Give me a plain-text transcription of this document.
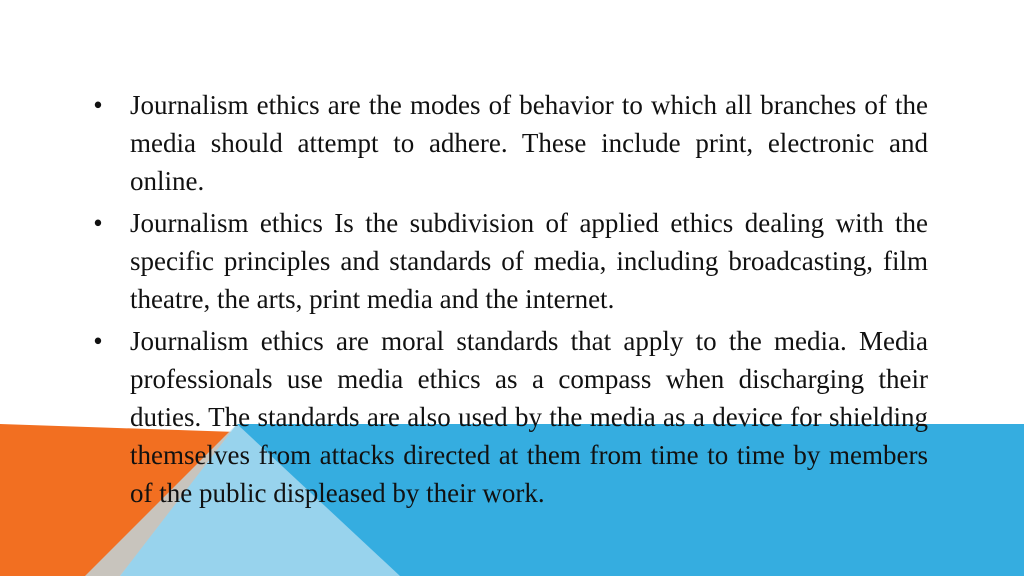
• Journalism ethics are the modes of behavior to which all branches of the media should attempt to adhere. These include print, electronic and online.
• Journalism ethics Is the subdivision of applied ethics dealing with the specific principles and standards of media, including broadcasting, film theatre, the arts, print media and the internet.
• Journalism ethics are moral standards that apply to the media. Media professionals use media ethics as a compass when discharging their duties. The standards are also used by the media as a device for shielding themselves from attacks directed at them from time to time by members of the public displeased by their work.
